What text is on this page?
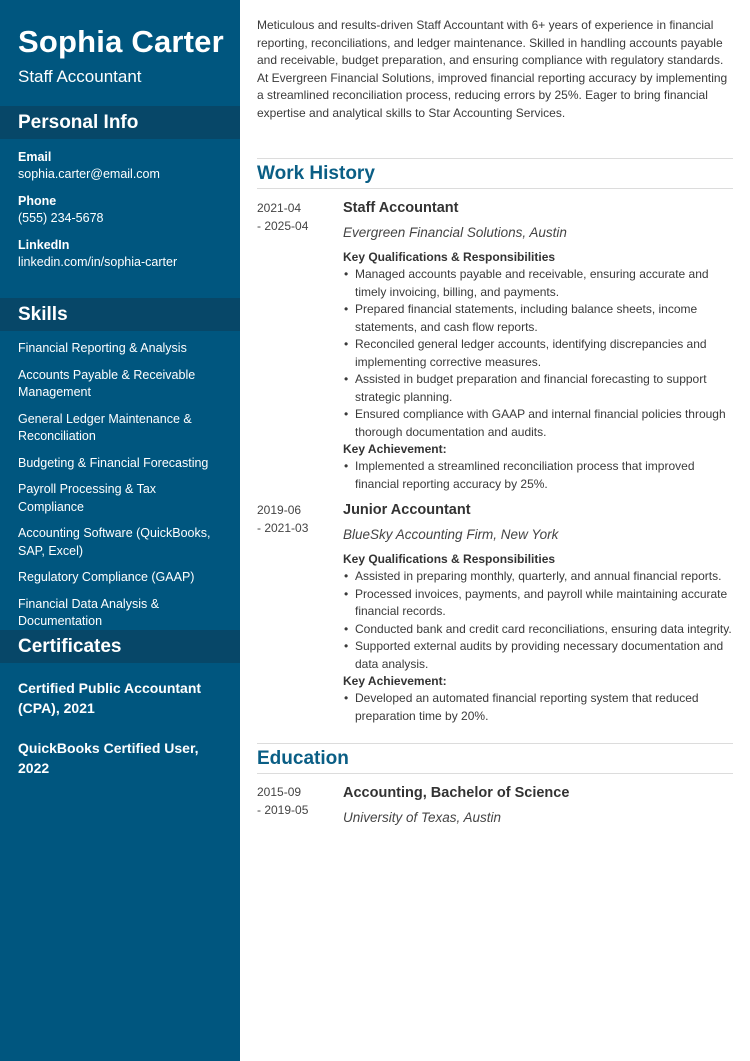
Sophia Carter
Staff Accountant
Personal Info
Email
sophia.carter@email.com
Phone
(555) 234-5678
LinkedIn
linkedin.com/in/sophia-carter
Skills
Financial Reporting & Analysis
Accounts Payable & Receivable Management
General Ledger Maintenance & Reconciliation
Budgeting & Financial Forecasting
Payroll Processing & Tax Compliance
Accounting Software (QuickBooks, SAP, Excel)
Regulatory Compliance (GAAP)
Financial Data Analysis & Documentation
Certificates
Certified Public Accountant (CPA), 2021
QuickBooks Certified User, 2022

Meticulous and results-driven Staff Accountant with 6+ years of experience in financial reporting, reconciliations, and ledger maintenance. Skilled in handling accounts payable and receivable, budget preparation, and ensuring compliance with regulatory standards. At Evergreen Financial Solutions, improved financial reporting accuracy by implementing a streamlined reconciliation process, reducing errors by 25%. Eager to bring financial expertise and analytical skills to Star Accounting Services.

Work History
2021-04
- 2025-04
Staff Accountant
Evergreen Financial Solutions, Austin
Key Qualifications & Responsibilities
• Managed accounts payable and receivable, ensuring accurate and timely invoicing, billing, and payments.
• Prepared financial statements, including balance sheets, income statements, and cash flow reports.
• Reconciled general ledger accounts, identifying discrepancies and implementing corrective measures.
• Assisted in budget preparation and financial forecasting to support strategic planning.
• Ensured compliance with GAAP and internal financial policies through thorough documentation and audits.
Key Achievement:
• Implemented a streamlined reconciliation process that improved financial reporting accuracy by 25%.
2019-06
- 2021-03
Junior Accountant
BlueSky Accounting Firm, New York
Key Qualifications & Responsibilities
• Assisted in preparing monthly, quarterly, and annual financial reports.
• Processed invoices, payments, and payroll while maintaining accurate financial records.
• Conducted bank and credit card reconciliations, ensuring data integrity.
• Supported external audits by providing necessary documentation and data analysis.
Key Achievement:
• Developed an automated financial reporting system that reduced preparation time by 20%.
Education
2015-09
- 2019-05
Accounting, Bachelor of Science
University of Texas, Austin
